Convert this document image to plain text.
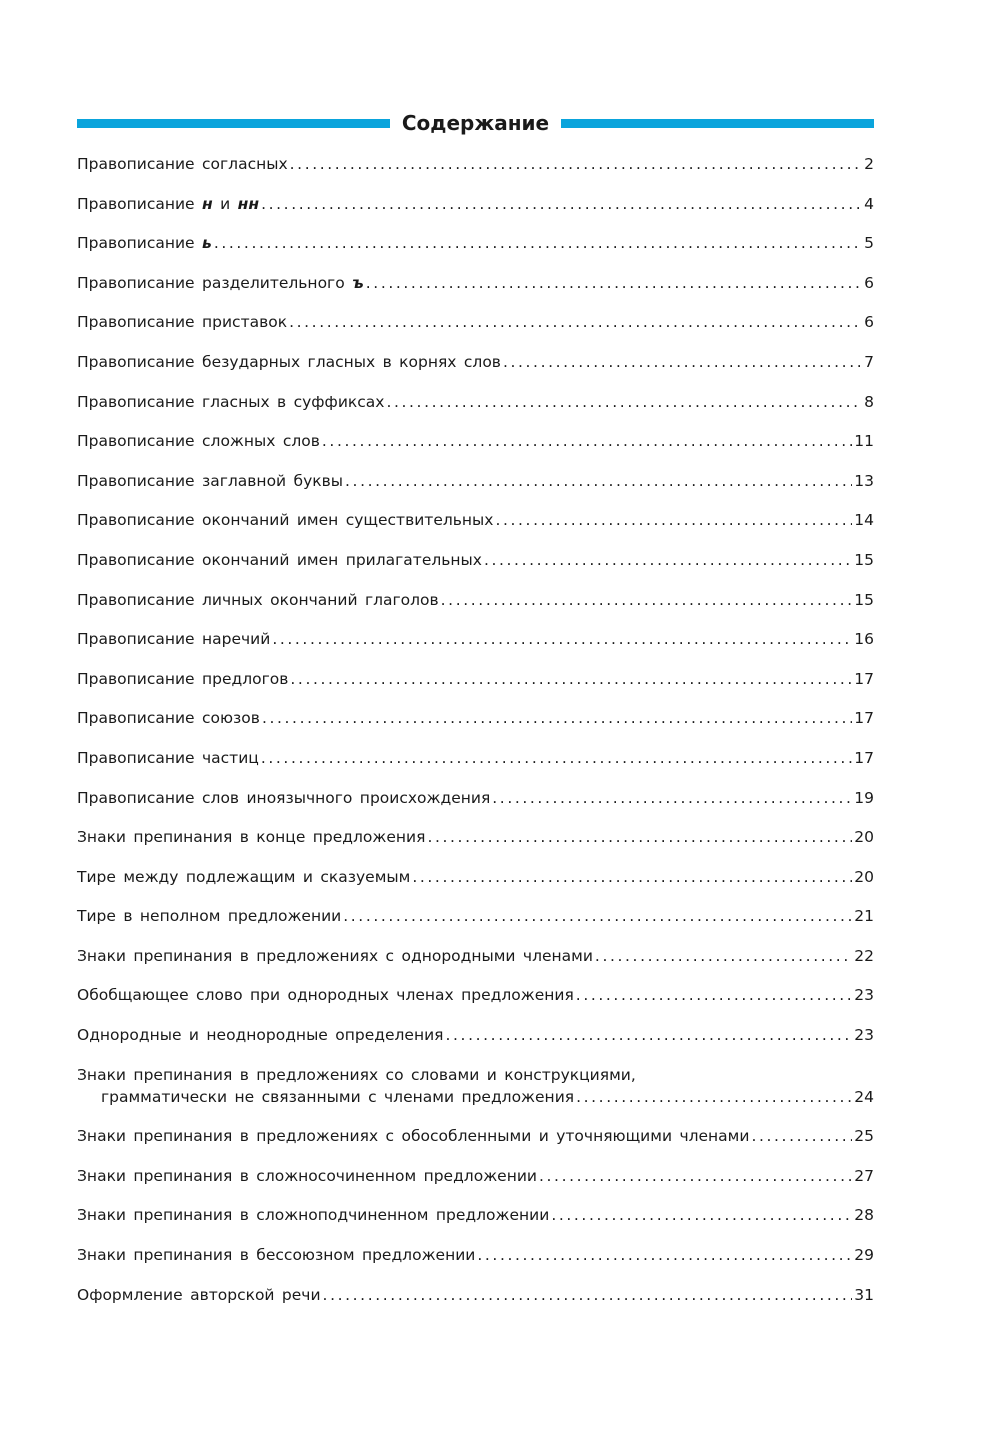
Содержание
Правописание согласных .....	2
Правописание н и нн .....	4
Правописание ь .....	5
Правописание разделительного ъ .....	6
Правописание приставок .....	6
Правописание безударных гласных в корнях слов .....	7
Правописание гласных в суффиксах .....	8
Правописание сложных слов .....	11
Правописание заглавной буквы .....	13
Правописание окончаний имен существительных .....	14
Правописание окончаний имен прилагательных .....	15
Правописание личных окончаний глаголов .....	15
Правописание наречий .....	16
Правописание предлогов .....	17
Правописание союзов .....	17
Правописание частиц .....	17
Правописание слов иноязычного происхождения .....	19
Знаки препинания в конце предложения .....	20
Тире между подлежащим и сказуемым .....	20
Тире в неполном предложении .....	21
Знаки препинания в предложениях с однородными членами .....	22
Обобщающее слово при однородных членах предложения .....	23
Однородные и неоднородные определения .....	23
Знаки препинания в предложениях со словами и конструкциями,
грамматически не связанными с членами предложения .....	24
Знаки препинания в предложениях с обособленными и уточняющими членами .....	25
Знаки препинания в сложносочиненном предложении .....	27
Знаки препинания в сложноподчиненном предложении .....	28
Знаки препинания в бессоюзном предложении .....	29
Оформление авторской речи .....	31
